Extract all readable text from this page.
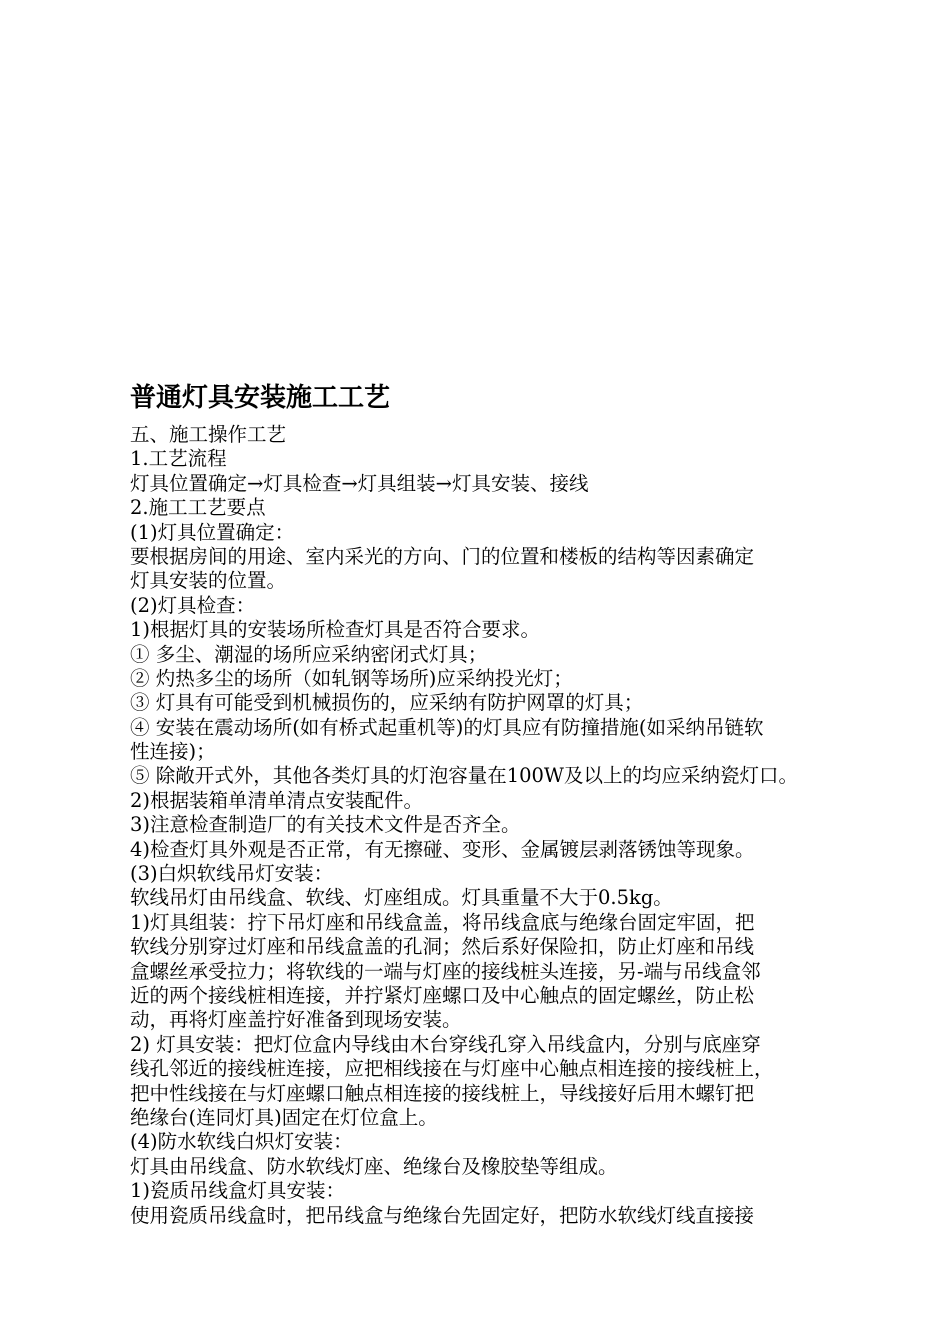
普通灯具安装施工工艺
五、施工操作工艺
1.工艺流程
灯具位置确定→灯具检查→灯具组装→灯具安装、接线
2.施工工艺要点
(1)灯具位置确定：
要根据房间的用途、室内采光的方向、门的位置和楼板的结构等因素确定
灯具安装的位置。
(2)灯具检查：
1)根据灯具的安装场所检查灯具是否符合要求。
① 多尘、潮湿的场所应采纳密闭式灯具；
② 灼热多尘的场所（如轧钢等场所)应采纳投光灯；
③ 灯具有可能受到机械损伤的，应采纳有防护网罩的灯具；
④ 安装在震动场所(如有桥式起重机等)的灯具应有防撞措施(如采纳吊链软
性连接)；
⑤ 除敞开式外，其他各类灯具的灯泡容量在100W及以上的均应采纳瓷灯口。
2)根据装箱单清单清点安装配件。
3)注意检查制造厂的有关技术文件是否齐全。
4)检查灯具外观是否正常，有无擦碰、变形、金属镀层剥落锈蚀等现象。
(3)白炽软线吊灯安装：
软线吊灯由吊线盒、软线、灯座组成。灯具重量不大于0.5kg。
1)灯具组装：拧下吊灯座和吊线盒盖，将吊线盒底与绝缘台固定牢固，把
软线分别穿过灯座和吊线盒盖的孔洞；然后系好保险扣，防止灯座和吊线
盒螺丝承受拉力；将软线的一端与灯座的接线桩头连接，另-端与吊线盒邻
近的两个接线桩相连接，并拧紧灯座螺口及中心触点的固定螺丝，防止松
动，再将灯座盖拧好准备到现场安装。
2) 灯具安装：把灯位盒内导线由木台穿线孔穿入吊线盒内，分别与底座穿
线孔邻近的接线桩连接，应把相线接在与灯座中心触点相连接的接线桩上，
把中性线接在与灯座螺口触点相连接的接线桩上，导线接好后用木螺钉把
绝缘台(连同灯具)固定在灯位盒上。
(4)防水软线白炽灯安装：
灯具由吊线盒、防水软线灯座、绝缘台及橡胶垫等组成。
1)瓷质吊线盒灯具安装：
使用瓷质吊线盒时，把吊线盒与绝缘台先固定好，把防水软线灯线直接接
